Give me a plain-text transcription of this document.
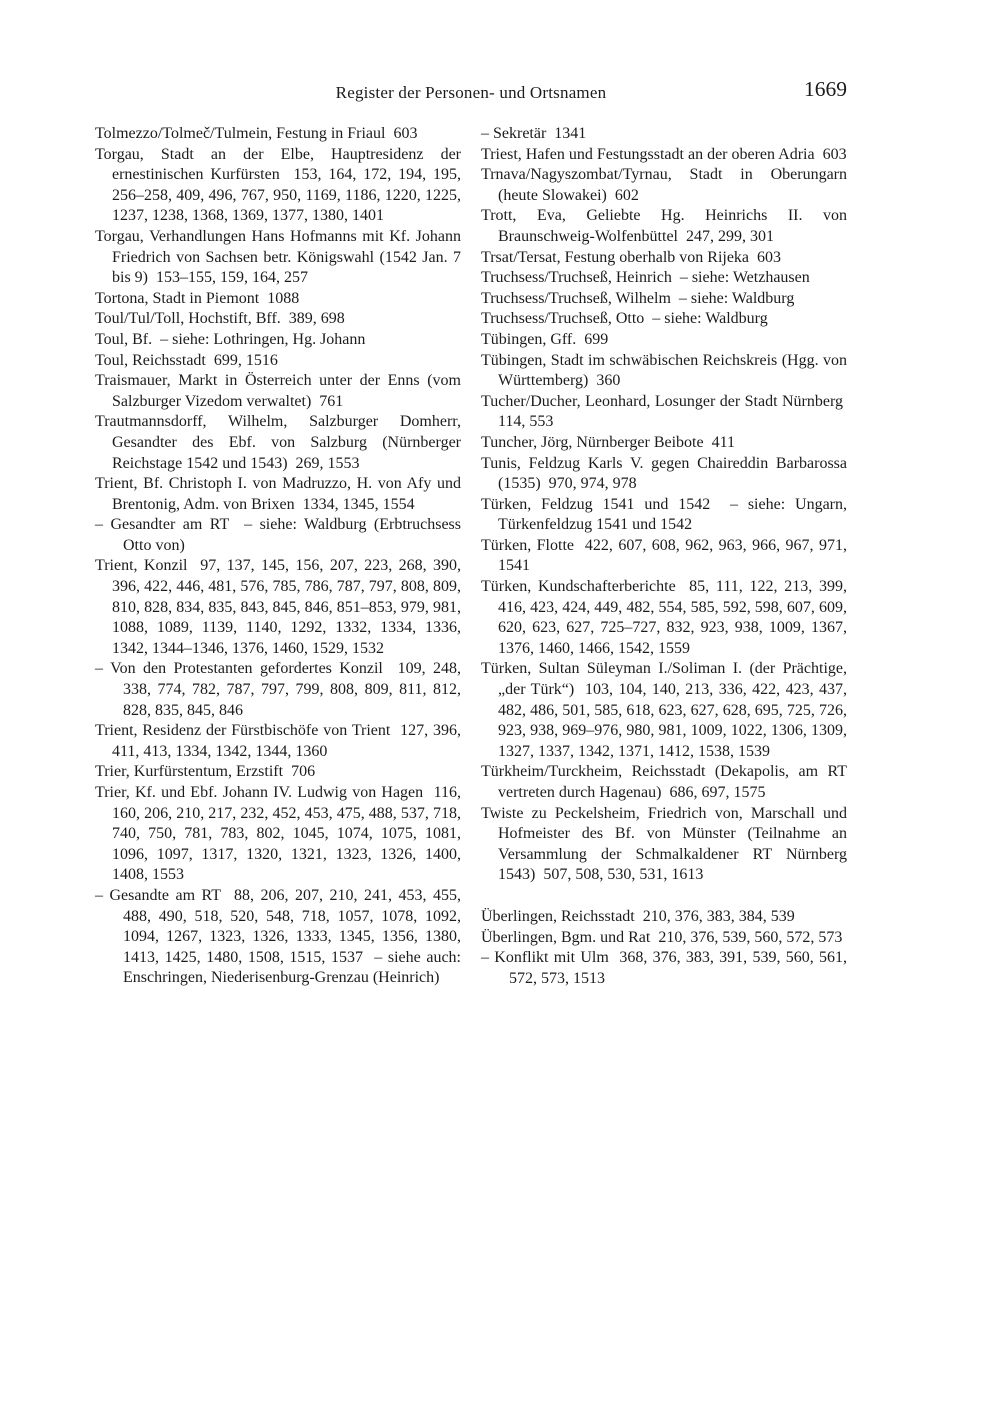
Register der Personen- und Ortsnamen	1669

Tolmezzo/Tolmeč/Tulmein, Festung in Friaul  603

Torgau, Stadt an der Elbe, Hauptresidenz der ernestinischen Kurfürsten  153, 164, 172, 194, 195, 256–258, 409, 496, 767, 950, 1169, 1186, 1220, 1225, 1237, 1238, 1368, 1369, 1377, 1380, 1401

Torgau, Verhandlungen Hans Hofmanns mit Kf. Johann Friedrich von Sachsen betr. Königswahl (1542 Jan. 7 bis 9)  153–155, 159, 164, 257

Tortona, Stadt in Piemont  1088

Toul/Tul/Toll, Hochstift, Bff.  389, 698

Toul, Bf.  – siehe: Lothringen, Hg. Johann

Toul, Reichsstadt  699, 1516

Traismauer, Markt in Österreich unter der Enns (vom Salzburger Vizedom verwaltet)  761

Trautmannsdorff, Wilhelm, Salzburger Domherr, Gesandter des Ebf. von Salzburg (Nürnberger Reichstage 1542 und 1543)  269, 1553

Trient, Bf. Christoph I. von Madruzzo, H. von Afy und Brentonig, Adm. von Brixen  1334, 1345, 1554

– Gesandter am RT  – siehe: Waldburg (Erbtruchsess Otto von)

Trient, Konzil  97, 137, 145, 156, 207, 223, 268, 390, 396, 422, 446, 481, 576, 785, 786, 787, 797, 808, 809, 810, 828, 834, 835, 843, 845, 846, 851–853, 979, 981, 1088, 1089, 1139, 1140, 1292, 1332, 1334, 1336, 1342, 1344–1346, 1376, 1460, 1529, 1532

– Von den Protestanten gefordertes Konzil  109, 248, 338, 774, 782, 787, 797, 799, 808, 809, 811, 812, 828, 835, 845, 846

Trient, Residenz der Fürstbischöfe von Trient  127, 396, 411, 413, 1334, 1342, 1344, 1360

Trier, Kurfürstentum, Erzstift  706

Trier, Kf. und Ebf. Johann IV. Ludwig von Hagen  116, 160, 206, 210, 217, 232, 452, 453, 475, 488, 537, 718, 740, 750, 781, 783, 802, 1045, 1074, 1075, 1081, 1096, 1097, 1317, 1320, 1321, 1323, 1326, 1400, 1408, 1553

– Gesandte am RT  88, 206, 207, 210, 241, 453, 455, 488, 490, 518, 520, 548, 718, 1057, 1078, 1092, 1094, 1267, 1323, 1326, 1333, 1345, 1356, 1380, 1413, 1425, 1480, 1508, 1515, 1537  – siehe auch: Enschringen, Niederisenburg-Grenzau (Heinrich)

– Sekretär  1341

Triest, Hafen und Festungsstadt an der oberen Adria  603

Trnava/Nagyszombat/Tyrnau, Stadt in Oberungarn (heute Slowakei)  602

Trott, Eva, Geliebte Hg. Heinrichs II. von Braunschweig-Wolfenbüttel  247, 299, 301

Trsat/Tersat, Festung oberhalb von Rijeka  603

Truchsess/Truchseß, Heinrich  – siehe: Wetzhausen

Truchsess/Truchseß, Wilhelm  – siehe: Waldburg

Truchsess/Truchseß, Otto  – siehe: Waldburg

Tübingen, Gff.  699

Tübingen, Stadt im schwäbischen Reichskreis (Hgg. von Württemberg)  360

Tucher/Ducher, Leonhard, Losunger der Stadt Nürnberg  114, 553

Tuncher, Jörg, Nürnberger Beibote  411

Tunis, Feldzug Karls V. gegen Chaireddin Barbarossa (1535)  970, 974, 978

Türken, Feldzug 1541 und 1542  – siehe: Ungarn, Türkenfeldzug 1541 und 1542

Türken, Flotte  422, 607, 608, 962, 963, 966, 967, 971, 1541

Türken, Kundschafterberichte  85, 111, 122, 213, 399, 416, 423, 424, 449, 482, 554, 585, 592, 598, 607, 609, 620, 623, 627, 725–727, 832, 923, 938, 1009, 1367, 1376, 1460, 1466, 1542, 1559

Türken, Sultan Süleyman I./Soliman I. (der Prächtige, „der Türk“)  103, 104, 140, 213, 336, 422, 423, 437, 482, 486, 501, 585, 618, 623, 627, 628, 695, 725, 726, 923, 938, 969–976, 980, 981, 1009, 1022, 1306, 1309, 1327, 1337, 1342, 1371, 1412, 1538, 1539

Türkheim/Turckheim, Reichsstadt (Dekapolis, am RT vertreten durch Hagenau)  686, 697, 1575

Twiste zu Peckelsheim, Friedrich von, Marschall und Hofmeister des Bf. von Münster (Teilnahme an Versammlung der Schmalkaldener RT Nürnberg 1543)  507, 508, 530, 531, 1613

Überlingen, Reichsstadt  210, 376, 383, 384, 539

Überlingen, Bgm. und Rat  210, 376, 539, 560, 572, 573

– Konflikt mit Ulm  368, 376, 383, 391, 539, 560, 561, 572, 573, 1513
